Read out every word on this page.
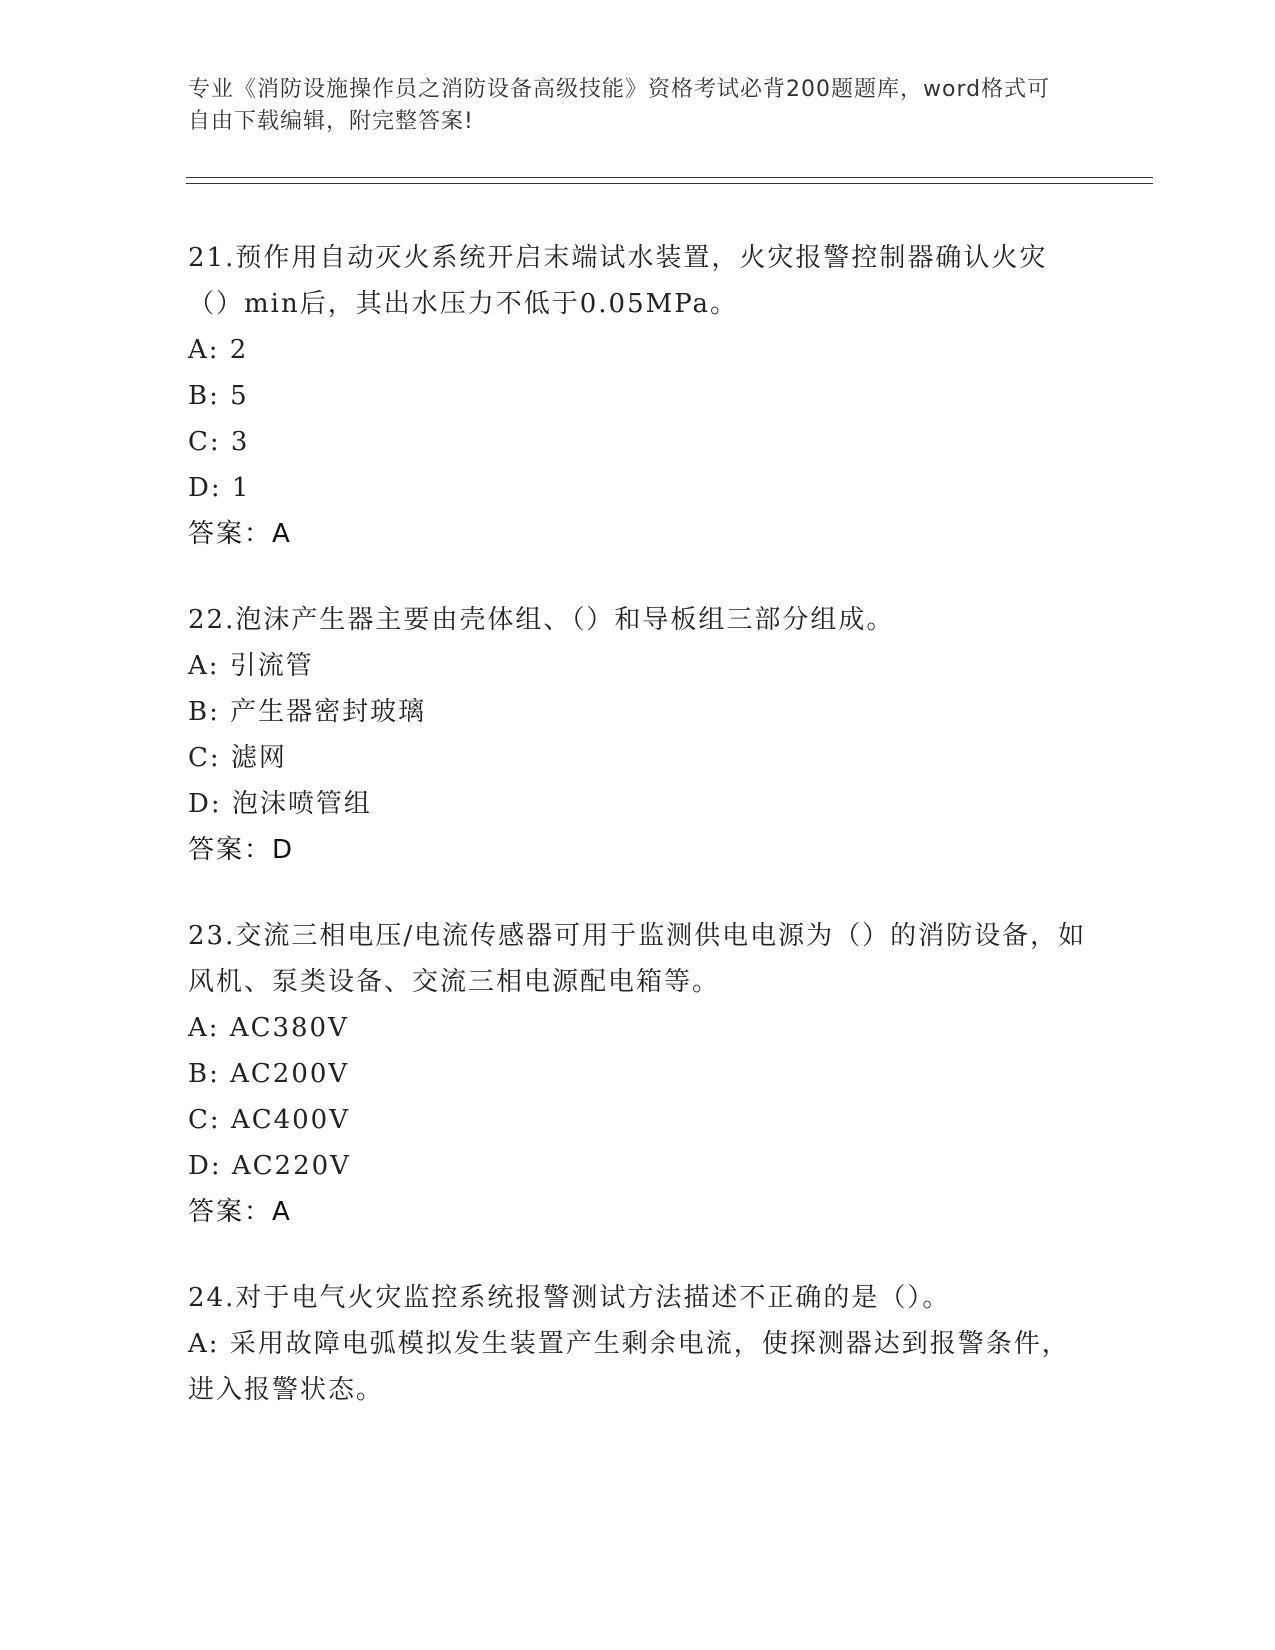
专业《消防设施操作员之消防设备高级技能》资格考试必背200题题库，word格式可自由下载编辑，附完整答案!

21.预作用自动灭火系统开启末端试水装置，火灾报警控制器确认火灾（）min后，其出水压力不低于0.05MPa。

A: 2

B: 5

C: 3

D: 1

答案：A

22.泡沫产生器主要由壳体组、（）和导板组三部分组成。

A: 引流管

B: 产生器密封玻璃

C: 滤网

D: 泡沫喷管组

答案：D

23.交流三相电压/电流传感器可用于监测供电电源为（）的消防设备，如风机、泵类设备、交流三相电源配电箱等。

A: AC380V

B: AC200V

C: AC400V

D: AC220V

答案：A

24.对于电气火灾监控系统报警测试方法描述不正确的是（）。

A: 采用故障电弧模拟发生装置产生剩余电流，使探测器达到报警条件，进入报警状态。
